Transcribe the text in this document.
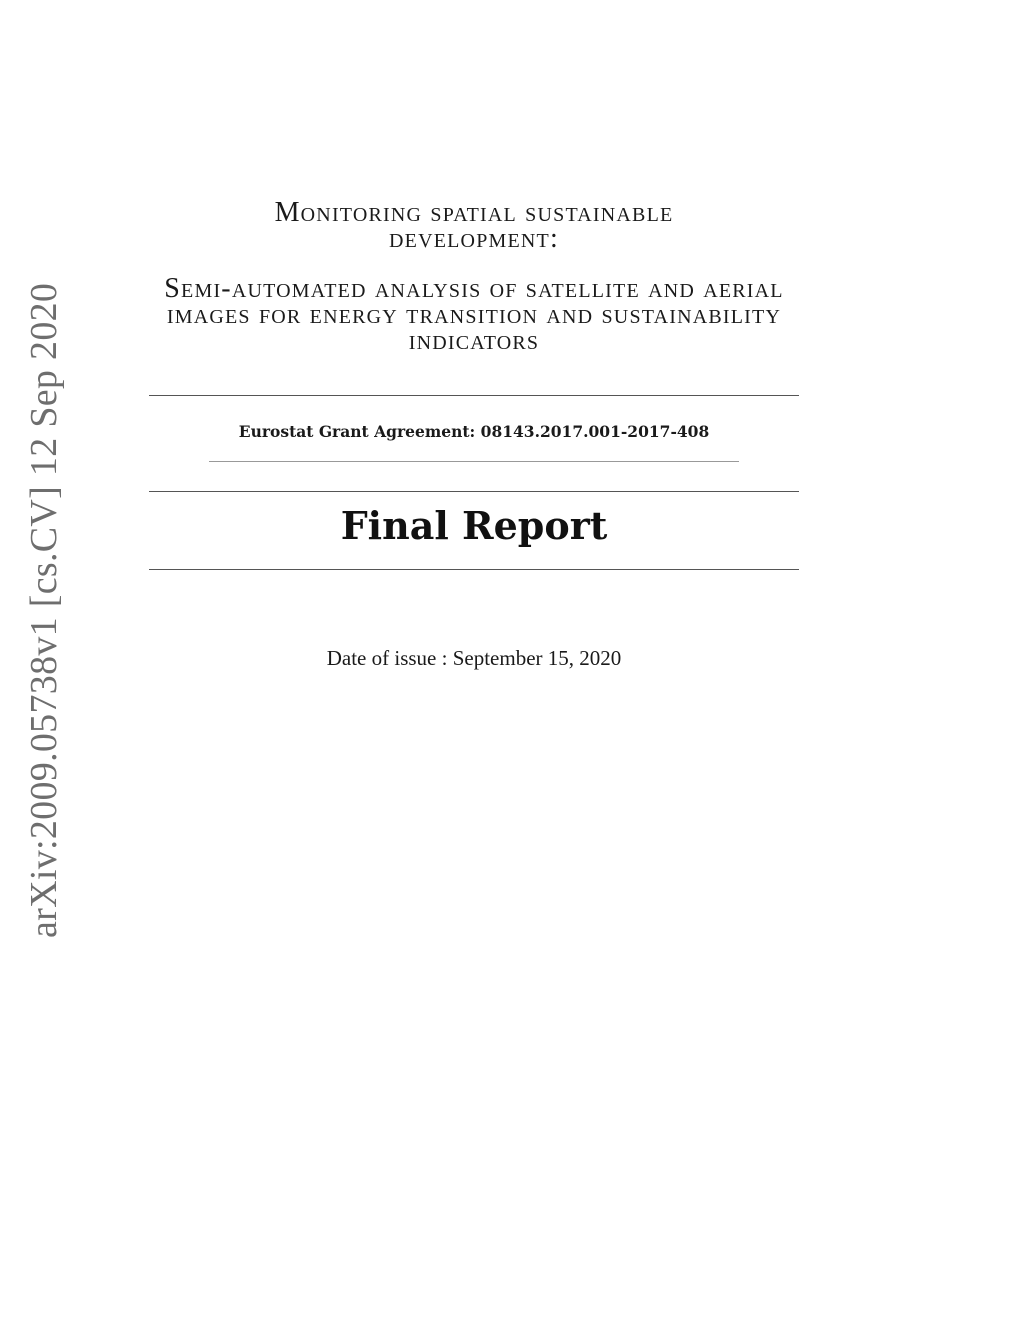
arXiv:2009.05738v1 [cs.CV] 12 Sep 2020
Monitoring spatial sustainable development:
Semi-automated analysis of satellite and aerial images for energy transition and sustainability indicators
Eurostat Grant Agreement: 08143.2017.001-2017-408
Final Report
Date of issue : September 15, 2020
